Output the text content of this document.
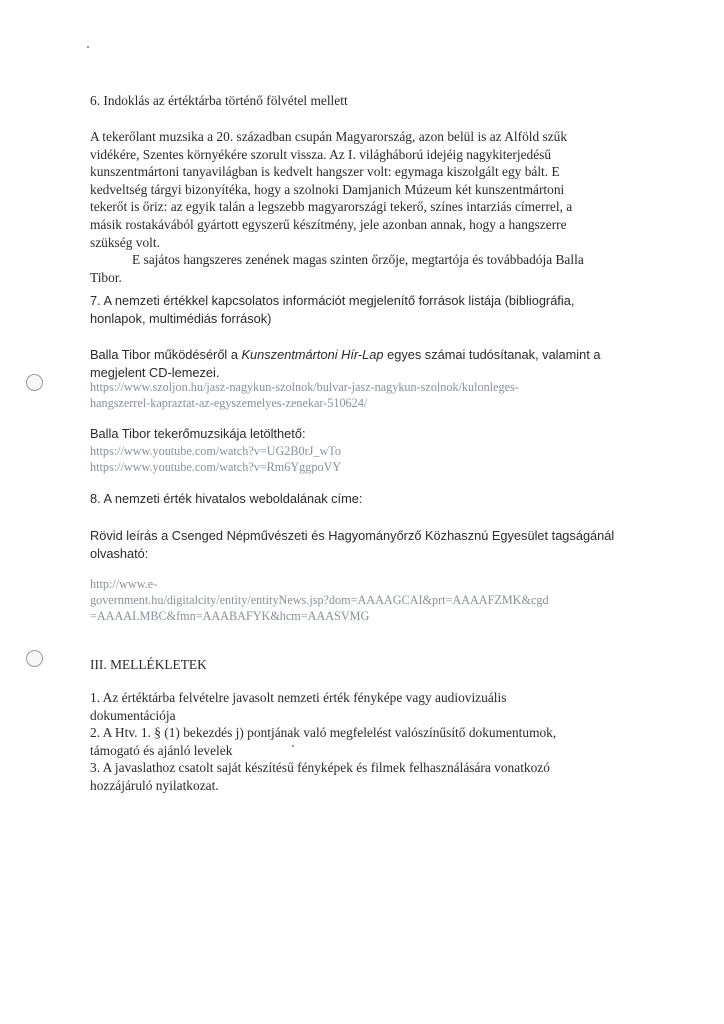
6. Indoklás az értéktárba történő fölvétel mellett

A tekerőlant muzsika a 20. században csupán Magyarország, azon belül is az Alföld szűk

vidékére, Szentes környékére szorult vissza. Az I. világháború idejéig nagykiterjedésű

kunszentmártoni tanyavilágban is kedvelt hangszer volt: egymaga kiszolgált egy bált. E

kedveltség tárgyi bizonyítéka, hogy a szolnoki Damjanich Múzeum két kunszentmártoni

tekerőt is őriz: az egyik talán a legszebb magyarországi tekerő, színes intarziás címerrel, a

másik rostakávából gyártott egyszerű készítmény, jele azonban annak, hogy a hangszerre

szükség volt.

E sajátos hangszeres zenének magas szinten őrzője, megtartója és továbbadója Balla

Tibor.

7. A nemzeti értékkel kapcsolatos információt megjelenítő források listája (bibliográfia,

honlapok, multimédiás források)

Balla Tibor működéséről a Kunszentmártoni Hír-Lap egyes számai tudósítanak, valamint a

megjelent CD-lemezei.

https://www.szoljon.hu/jasz-nagykun-szolnok/bulvar-jasz-nagykun-szolnok/kulonleges-

hangszerrel-kapraztat-az-egyszemelyes-zenekar-510624/

Balla Tibor tekerőmuzsikája letölthető:

https://www.youtube.com/watch?v=UG2B0rJ_wTo

https://www.youtube.com/watch?v=Rm6YggpoVY

8. A nemzeti érték hivatalos weboldalának címe:

Rövid leírás a Csenged Népművészeti és Hagyományőrző Közhasznú Egyesület tagságánál

olvasható:

http://www.e-

government.hu/digitalcity/entity/entityNews.jsp?dom=AAAAGCAI&prt=AAAAFZMK&cgd

=AAAALMBC&fmn=AAABAFYK&hcm=AAASVMG

III. MELLÉKLETEK

1. Az értéktárba felvételre javasolt nemzeti érték fényképe vagy audiovizuális

dokumentációja

2. A Htv. 1. § (1) bekezdés j) pontjának való megfelelést valószínűsítő dokumentumok,

támogató és ajánló levelek

3. A javaslathoz csatolt saját készítésű fényképek és filmek felhasználására vonatkozó

hozzájáruló nyilatkozat.
